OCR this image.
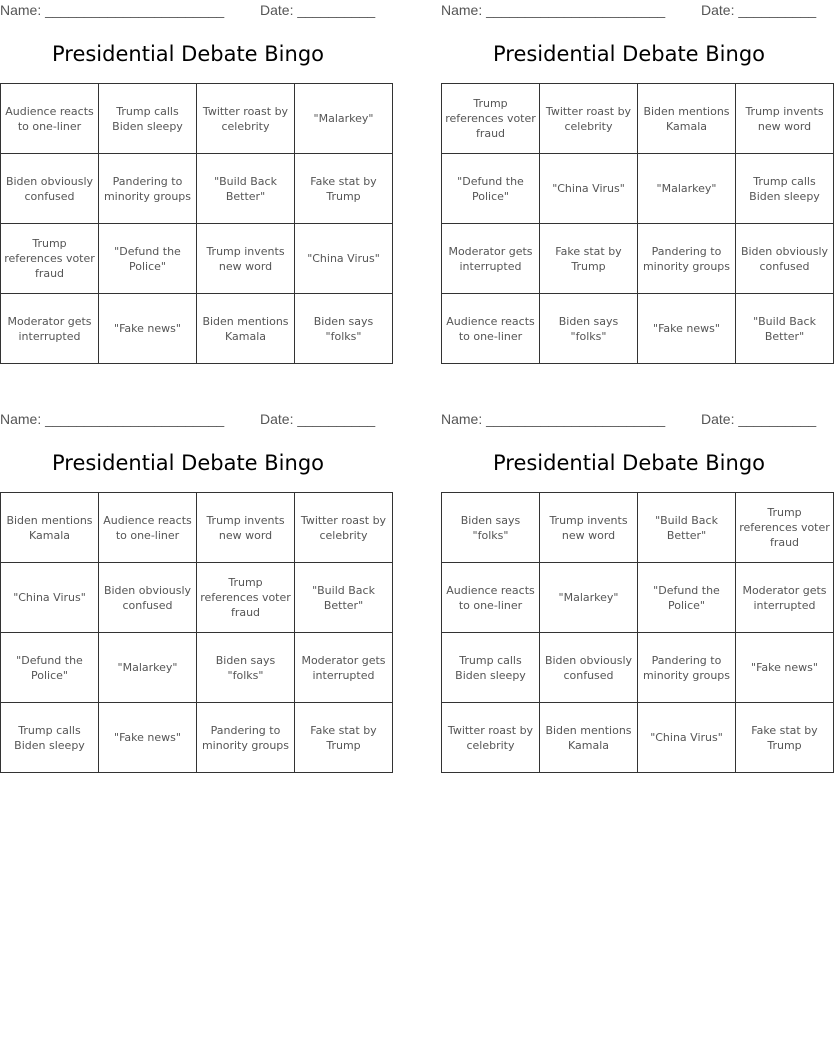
Name: _______________________	Date: __________
Presidential Debate Bingo
Audience reacts to one-liner	Trump calls Biden sleepy	Twitter roast by celebrity	"Malarkey"
Biden obviously confused	Pandering to minority groups	"Build Back Better"	Fake stat by Trump
Trump references voter fraud	"Defund the Police"	Trump invents new word	"China Virus"
Moderator gets interrupted	"Fake news"	Biden mentions Kamala	Biden says "folks"
Name: _______________________	Date: __________
Presidential Debate Bingo
Trump references voter fraud	Twitter roast by celebrity	Biden mentions Kamala	Trump invents new word
"Defund the Police"	"China Virus"	"Malarkey"	Trump calls Biden sleepy
Moderator gets interrupted	Fake stat by Trump	Pandering to minority groups	Biden obviously confused
Audience reacts to one-liner	Biden says "folks"	"Fake news"	"Build Back Better"
Name: _______________________	Date: __________
Presidential Debate Bingo
Biden mentions Kamala	Audience reacts to one-liner	Trump invents new word	Twitter roast by celebrity
"China Virus"	Biden obviously confused	Trump references voter fraud	"Build Back Better"
"Defund the Police"	"Malarkey"	Biden says "folks"	Moderator gets interrupted
Trump calls Biden sleepy	"Fake news"	Pandering to minority groups	Fake stat by Trump
Name: _______________________	Date: __________
Presidential Debate Bingo
Biden says "folks"	Trump invents new word	"Build Back Better"	Trump references voter fraud
Audience reacts to one-liner	"Malarkey"	"Defund the Police"	Moderator gets interrupted
Trump calls Biden sleepy	Biden obviously confused	Pandering to minority groups	"Fake news"
Twitter roast by celebrity	Biden mentions Kamala	"China Virus"	Fake stat by Trump
